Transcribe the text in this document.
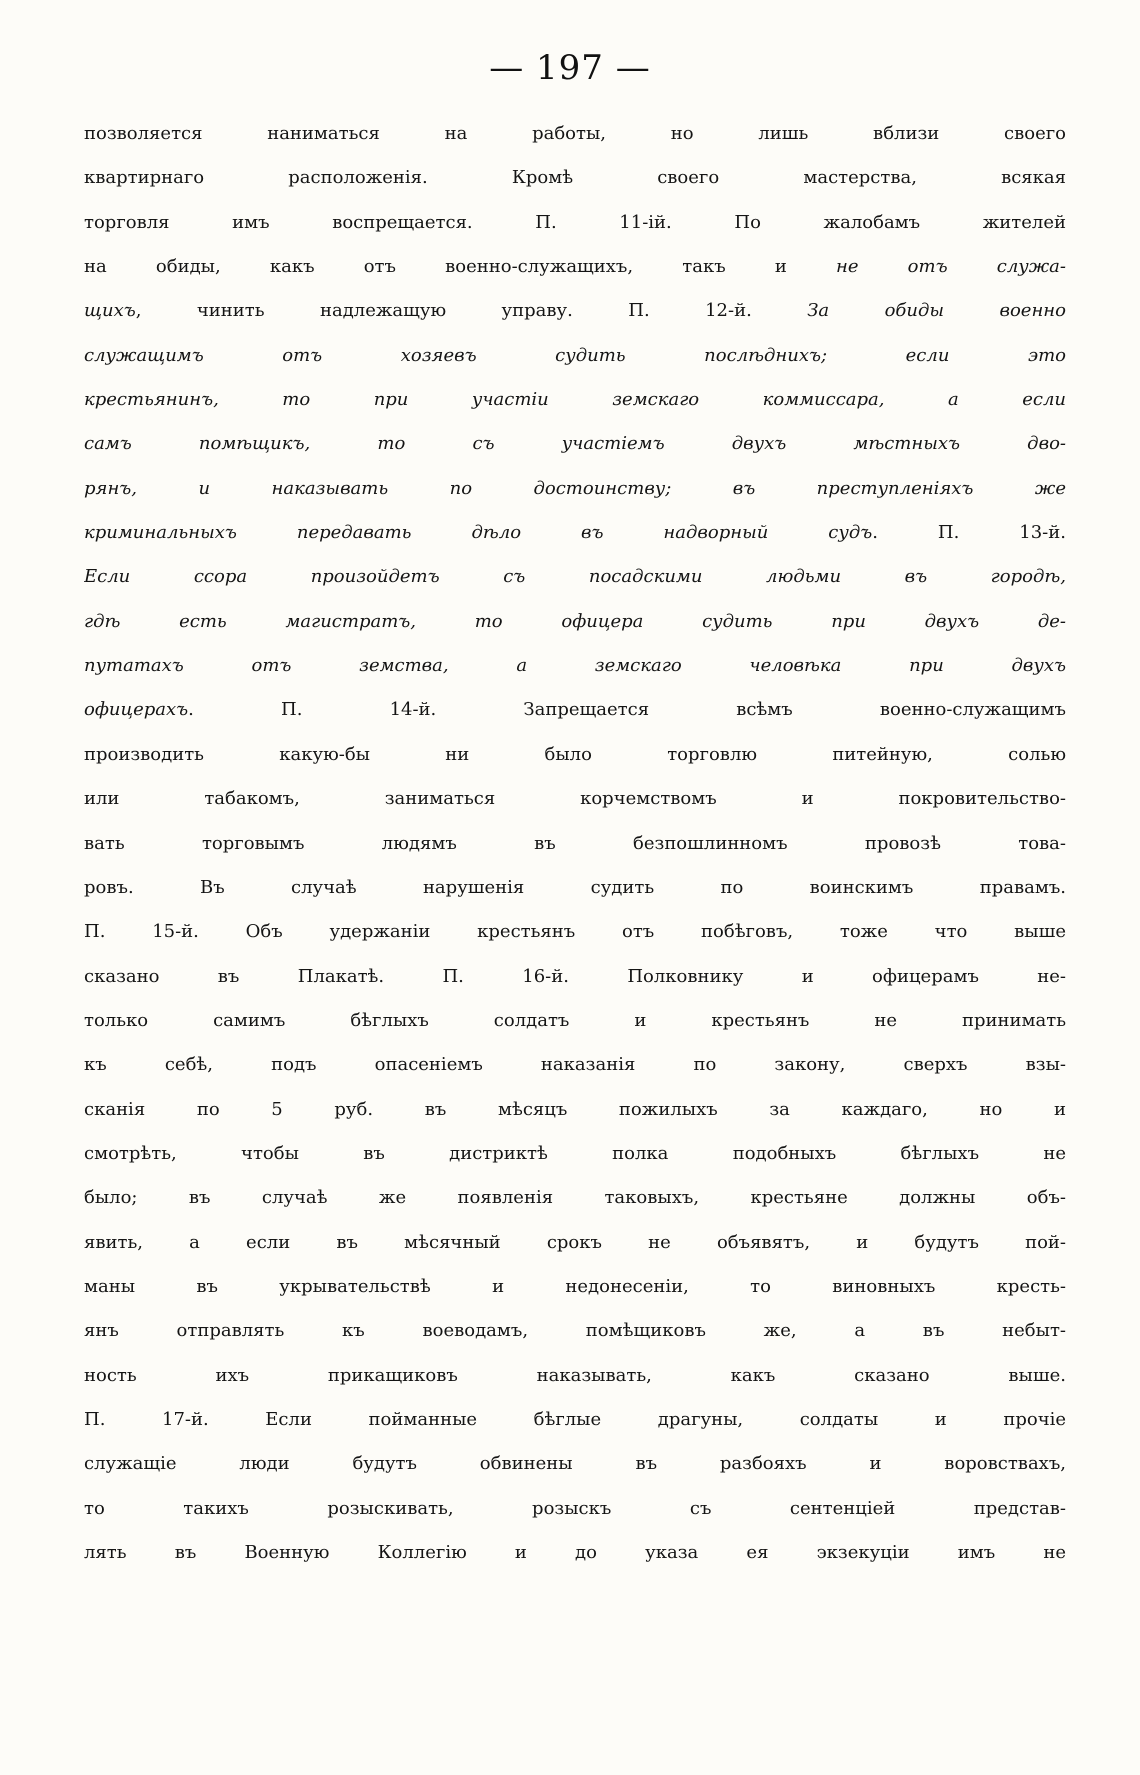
— 197 —
позволяется наниматься на работы, но лишь вблизи своего
квартирнаго расположенія. Кромѣ своего мастерства, всякая
торговля имъ воспрещается. П. 11-ій. По жалобамъ жителей
на обиды, какъ отъ военно-служащихъ, такъ и не отъ служа-
щихъ, чинить надлежащую управу. П. 12-й. За обиды военно
служащимъ отъ хозяевъ судить послѣднихъ; если это
крестьянинъ, то при участіи земскаго коммиссара, а если
самъ помѣщикъ, то съ участіемъ двухъ мѣстныхъ дво-
рянъ, и наказывать по достоинству; въ преступленіяхъ же
криминальныхъ передавать дѣло въ надворный судъ. П. 13-й.
Если ссора произойдетъ съ посадскими людьми въ городѣ,
гдѣ есть магистратъ, то офицера судить при двухъ де-
путатахъ отъ земства, а земскаго человѣка при двухъ
офицерахъ. П. 14-й. Запрещается всѣмъ военно-служащимъ
производить какую-бы ни было торговлю питейную, солью
или табакомъ, заниматься корчемствомъ и покровительство-
вать торговымъ людямъ въ безпошлинномъ провозѣ това-
ровъ. Въ случаѣ нарушенія судить по воинскимъ правамъ.
П. 15-й. Объ удержаніи крестьянъ отъ побѣговъ, тоже что выше
сказано въ Плакатѣ. П. 16-й. Полковнику и офицерамъ не-
только самимъ бѣглыхъ солдатъ и крестьянъ не принимать
къ себѣ, подъ опасеніемъ наказанія по закону, сверхъ взы-
сканія по 5 руб. въ мѣсяцъ пожилыхъ за каждаго, но и
смотрѣть, чтобы въ дистриктѣ полка подобныхъ бѣглыхъ не
было; въ случаѣ же появленія таковыхъ, крестьяне должны объ-
явить, а если въ мѣсячный срокъ не объявятъ, и будутъ пой-
маны въ укрывательствѣ и недонесеніи, то виновныхъ кресть-
янъ отправлять къ воеводамъ, помѣщиковъ же, а въ небыт-
ность ихъ прикащиковъ наказывать, какъ сказано выше.
П. 17-й. Если пойманные бѣглые драгуны, солдаты и прочіе
служащіе люди будутъ обвинены въ разбояхъ и воровствахъ,
то такихъ розыскивать, розыскъ съ сентенціей представ-
лять въ Военную Коллегію и до указа ея экзекуціи имъ не
